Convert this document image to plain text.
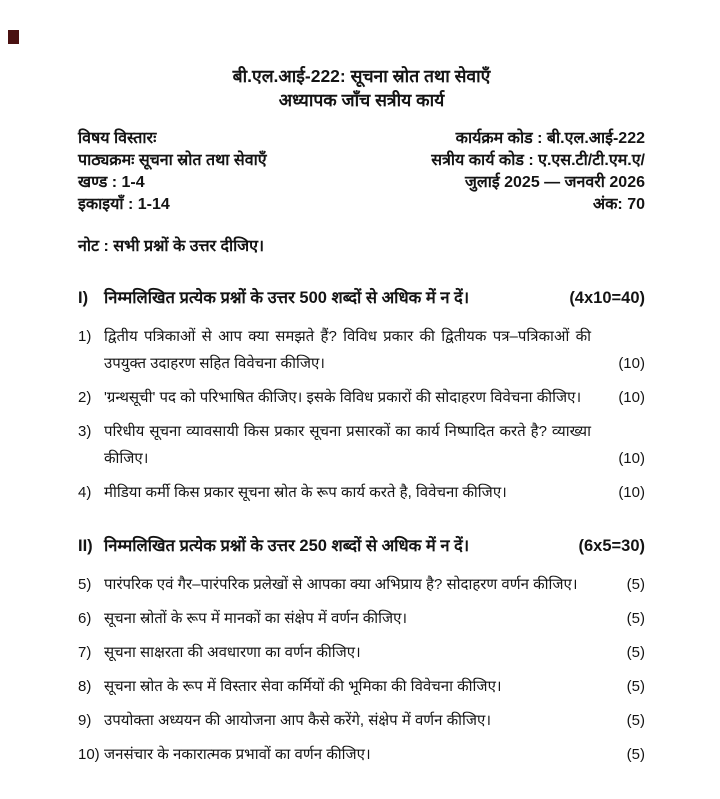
बी.एल.आई-222: सूचना स्रोत तथा सेवाएँ
अध्यापक जाँच सत्रीय कार्य
विषय विस्तारः
पाठ्यक्रमः सूचना स्रोत तथा सेवाएँ
खण्ड : 1-4
इकाइयाँ : 1-14
कार्यक्रम कोड : बी.एल.आई-222
सत्रीय कार्य कोड : ए.एस.टी/टी.एम.ए/
जुलाई 2025 — जनवरी 2026
अंक: 70
नोट : सभी प्रश्नों के उत्तर दीजिए।
I) निम्मलिखित प्रत्येक प्रश्नों के उत्तर 500 शब्दों से अधिक में न दें।	(4x10=40)
1) द्वितीय पत्रिकाओं से आप क्या समझते हैं? विविध प्रकार की द्वितीयक पत्र–पत्रिकाओं की उपयुक्त उदाहरण सहित विवेचना कीजिए।	(10)
2) 'ग्रन्थसूची' पद को परिभाषित कीजिए। इसके विविध प्रकारों की सोदाहरण विवेचना कीजिए। (10)
3) परिधीय सूचना व्यावसायी किस प्रकार सूचना प्रसारकों का कार्य निष्पादित करते है? व्याख्या कीजिए।	(10)
4) मीडिया कर्मी किस प्रकार सूचना स्रोत के रूप कार्य करते है, विवेचना कीजिए।	(10)
II) निम्मलिखित प्रत्येक प्रश्नों के उत्तर 250 शब्दों से अधिक में न दें।	(6x5=30)
5) पारंपरिक एवं गैर–पारंपरिक प्रलेखों से आपका क्या अभिप्राय है? सोदाहरण वर्णन कीजिए।	(5)
6) सूचना स्रोतों के रूप में मानकों का संक्षेप में वर्णन कीजिए।	(5)
7) सूचना साक्षरता की अवधारणा का वर्णन कीजिए।	(5)
8) सूचना स्रोत के रूप में विस्तार सेवा कर्मियों की भूमिका की विवेचना कीजिए।	(5)
9) उपयोक्ता अध्ययन की आयोजना आप कैसे करेंगे, संक्षेप में वर्णन कीजिए।	(5)
10) जनसंचार के नकारात्मक प्रभावों का वर्णन कीजिए।	(5)
